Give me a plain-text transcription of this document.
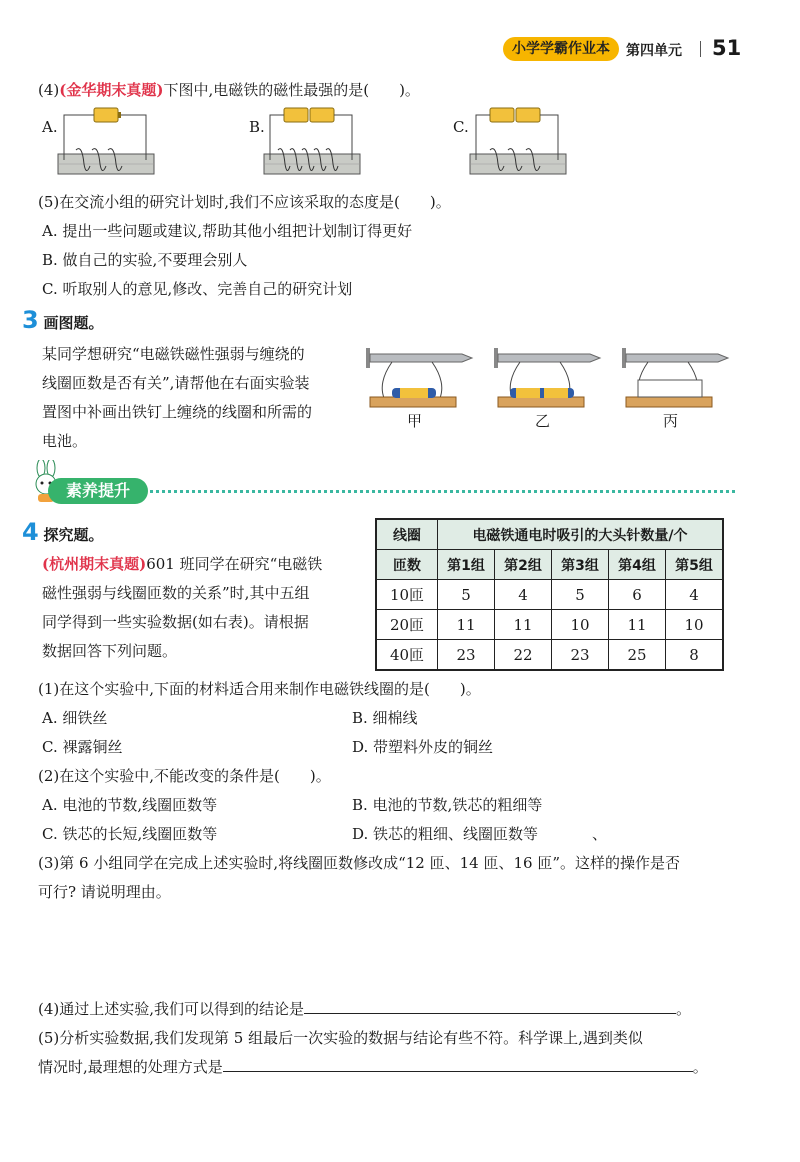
小学学霸作业本	第四单元 51
(4)(金华期末真题)下图中,电磁铁的磁性最强的是(　　)。
A.	B.	C.
(5)在交流小组的研究计划时,我们不应该采取的态度是(　　)。
A. 提出一些问题或建议,帮助其他小组把计划制订得更好
B. 做自己的实验,不要理会别人
C. 听取别人的意见,修改、完善自己的研究计划
3 画图题。
某同学想研究“电磁铁磁性强弱与缠绕的
线圈匝数是否有关”,请帮他在右面实验装
置图中补画出铁钉上缠绕的线圈和所需的
电池。
甲	乙	丙
素养提升
4 探究题。
(杭州期末真题)601 班同学在研究“电磁铁
磁性强弱与线圈匝数的关系”时,其中五组
同学得到一些实验数据(如右表)。请根据
数据回答下列问题。
线圈	电磁铁通电时吸引的大头针数量/个				
匝数	第1组	第2组	第3组	第4组	第5组
10匝	5	4	5	6	4
20匝	11	11	10	11	10
40匝	23	22	23	25	8
(1)在这个实验中,下面的材料适合用来制作电磁铁线圈的是(　　)。
A. 细铁丝	B. 细棉线
C. 裸露铜丝	D. 带塑料外皮的铜丝
(2)在这个实验中,不能改变的条件是(　　)。
A. 电池的节数,线圈匝数等	B. 电池的节数,铁芯的粗细等
C. 铁芯的长短,线圈匝数等	D. 铁芯的粗细、线圈匝数等	、
(3)第 6 小组同学在完成上述实验时,将线圈匝数修改成“12 匝、14 匝、16 匝”。这样的操作是否
可行? 请说明理由。
(4)通过上述实验,我们可以得到的结论是	。
(5)分析实验数据,我们发现第 5 组最后一次实验的数据与结论有些不符。科学课上,遇到类似
情况时,最理想的处理方式是	。
